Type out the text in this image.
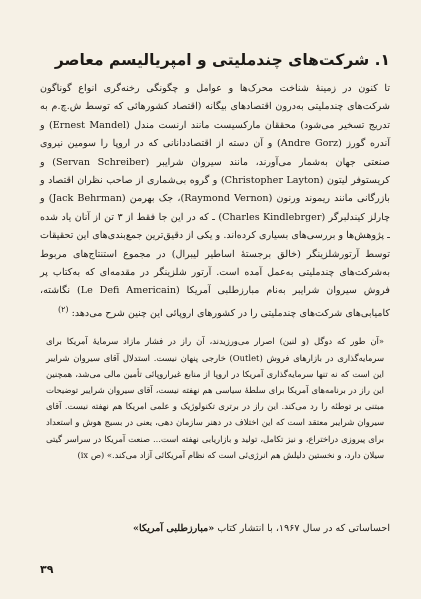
۱. شرکت‌های چندملیتی و امپریالیسم معاصر

تا کنون در زمینهٔ شناخت محرک‌ها و عوامل و چگونگی رخنه‌گری انواع گوناگون شرکت‌های چندملیتی به‌درون اقتصادهای بیگانه (اقتصاد کشورهائی که توسط ش.چ.م به تدریج تسخیر می‌شود) محققان مارکسیست مانند ارنست مندل (Ernest Mandel) و آندره گورز (Andre Gorz) و آن دسته از اقتصاددانانی که در اروپا را سومین نیروی صنعتی جهان به‌شمار می‌آورند، مانند سیروان شرایبر (Servan Schreiber) و کریستوفر لیتون (Christopher Layton) و گروه بی‌شماری از صاحب نظران اقتصاد و بازرگانی مانند ریموند ورنون (Raymond Vernon)، جک بهرمن (Jack Behrman) و چارلز کیندلبرگر (Charles Kindlebrger) ـ که در این جا فقط از ۳ تن از آنان یاد شده ـ پژوهش‌ها و بررسی‌های بسیاری کرده‌اند. و یکی از دقیق‌ترین جمع‌بندی‌های این تحقیقات توسط آرتورشلزینگر (خالق برجستهٔ اساطیر لیبرال) در مجموع استنتاج‌های مربوط به‌شرکت‌های چندملیتی به‌عمل آمده است. آرتور شلزینگر در مقدمه‌ای که به‌کتاب پر فروش سیروان شرایبر به‌نام مبارزطلبی آمریکا (Le Defi Americain) نگاشته، کامیابی‌های شرکت‌های چندملیتی را در کشورهای اروپائی این چنین شرح می‌دهد: $^{(۲)}$

«آن طور که دوگل (و لنین) اصرار می‌ورزیدند، آن راز در فشار مازاد سرمایهٔ آمریکا برای سرمایه‌گذاری در بازارهای فروش (Outlet) خارجی پنهان نیست. استدلال آقای سیروان شرایبر این است که نه تنها سرمایه‌گذاری آمریکا در اروپا از منابع غیراروپائی تأمین مالی می‌شد، همچنین این راز در برنامه‌های آمریکا برای سلطهٔ سیاسی هم نهفته نیست، آقای سیروان شرایبر توضیحات مبتنی بر توطئه را رد می‌کند. این راز در برتری تکنولوژیک و علمی امریکا هم نهفته نیست. آقای سیروان شرایبر معتقد است که این اختلاف در دهنر سازمان دهی، یعنی در بسیج هوش و استعداد برای پیروزی دراختراع، و نیز تکامل، تولید و بازاریابی نهفته است... صنعت آمریکا در سراسر گیتی سیلان دارد، و نخستین دلیلش هم انرژی‌ئی است که نظام آمریکائی آزاد می‌کند.» (ص ix)
احساساتی که در سال ۱۹۶۷، با انتشار کتاب «مبارزطلبی آمریکا»
۳۹
